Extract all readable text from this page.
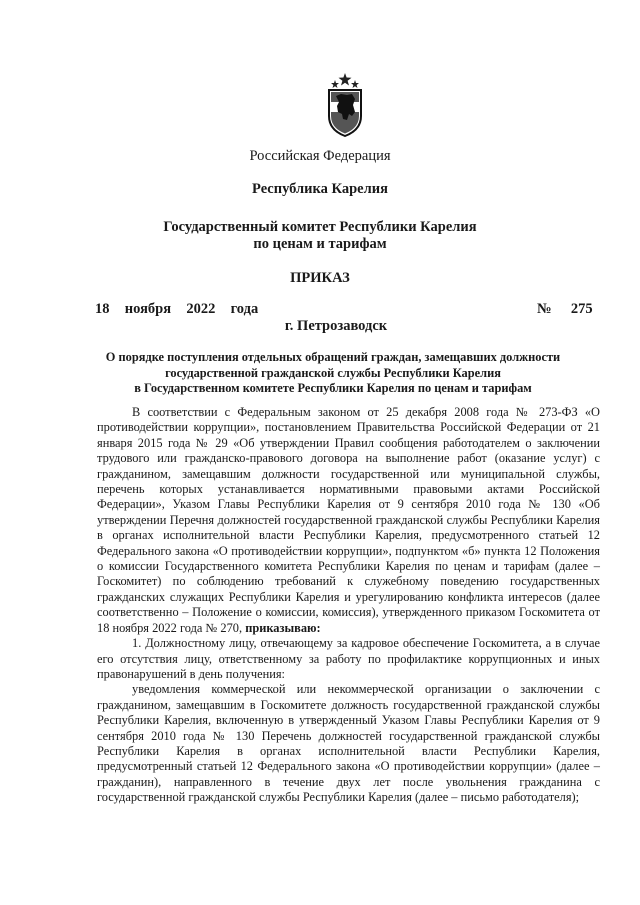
Российская Федерация
Республика Карелия
Государственный комитет Республики Карелия
по ценам и тарифам
ПРИКАЗ
18  ноября  2022  года	№  275
г. Петрозаводск
О порядке поступления отдельных обращений граждан, замещавших должности
государственной гражданской службы Республики Карелия
в Государственном комитете Республики Карелия по ценам и тарифам

В соответствии с Федеральным законом от 25 декабря 2008 года № 273-ФЗ «О противодействии коррупции», постановлением Правительства Российской Федерации от 21 января 2015 года № 29 «Об утверждении Правил сообщения работодателем о заключении трудового или гражданско-правового договора на выполнение работ (оказание услуг) с гражданином, замещавшим должности государственной или муниципальной службы, перечень которых устанавливается нормативными правовыми актами Российской Федерации», Указом Главы Республики Карелия от 9 сентября 2010 года № 130 «Об утверждении Перечня должностей государственной гражданской службы Республики Карелия в органах исполнительной власти Республики Карелия, предусмотренного статьей 12 Федерального закона «О противодействии коррупции», подпунктом «б» пункта 12 Положения о комиссии Государственного комитета Республики Карелия по ценам и тарифам (далее – Госкомитет) по соблюдению требований к служебному поведению государственных гражданских служащих Республики Карелия и урегулированию конфликта интересов (далее соответственно – Положение о комиссии, комиссия), утвержденного приказом Госкомитета от 18 ноября 2022 года № 270, приказываю:

1. Должностному лицу, отвечающему за кадровое обеспечение Госкомитета, а в случае его отсутствия лицу, ответственному за работу по профилактике коррупционных и иных правонарушений в день получения:

уведомления коммерческой или некоммерческой организации о заключении с гражданином, замещавшим в Госкомитете должность государственной гражданской службы Республики Карелия, включенную в утвержденный Указом Главы Республики Карелия от 9 сентября 2010 года № 130 Перечень должностей государственной гражданской службы Республики Карелия в органах исполнительной власти Республики Карелия, предусмотренный статьей 12 Федерального закона «О противодействии коррупции» (далее – гражданин), направленного в течение двух лет после увольнения гражданина с государственной гражданской службы Республики Карелия (далее – письмо работодателя);
